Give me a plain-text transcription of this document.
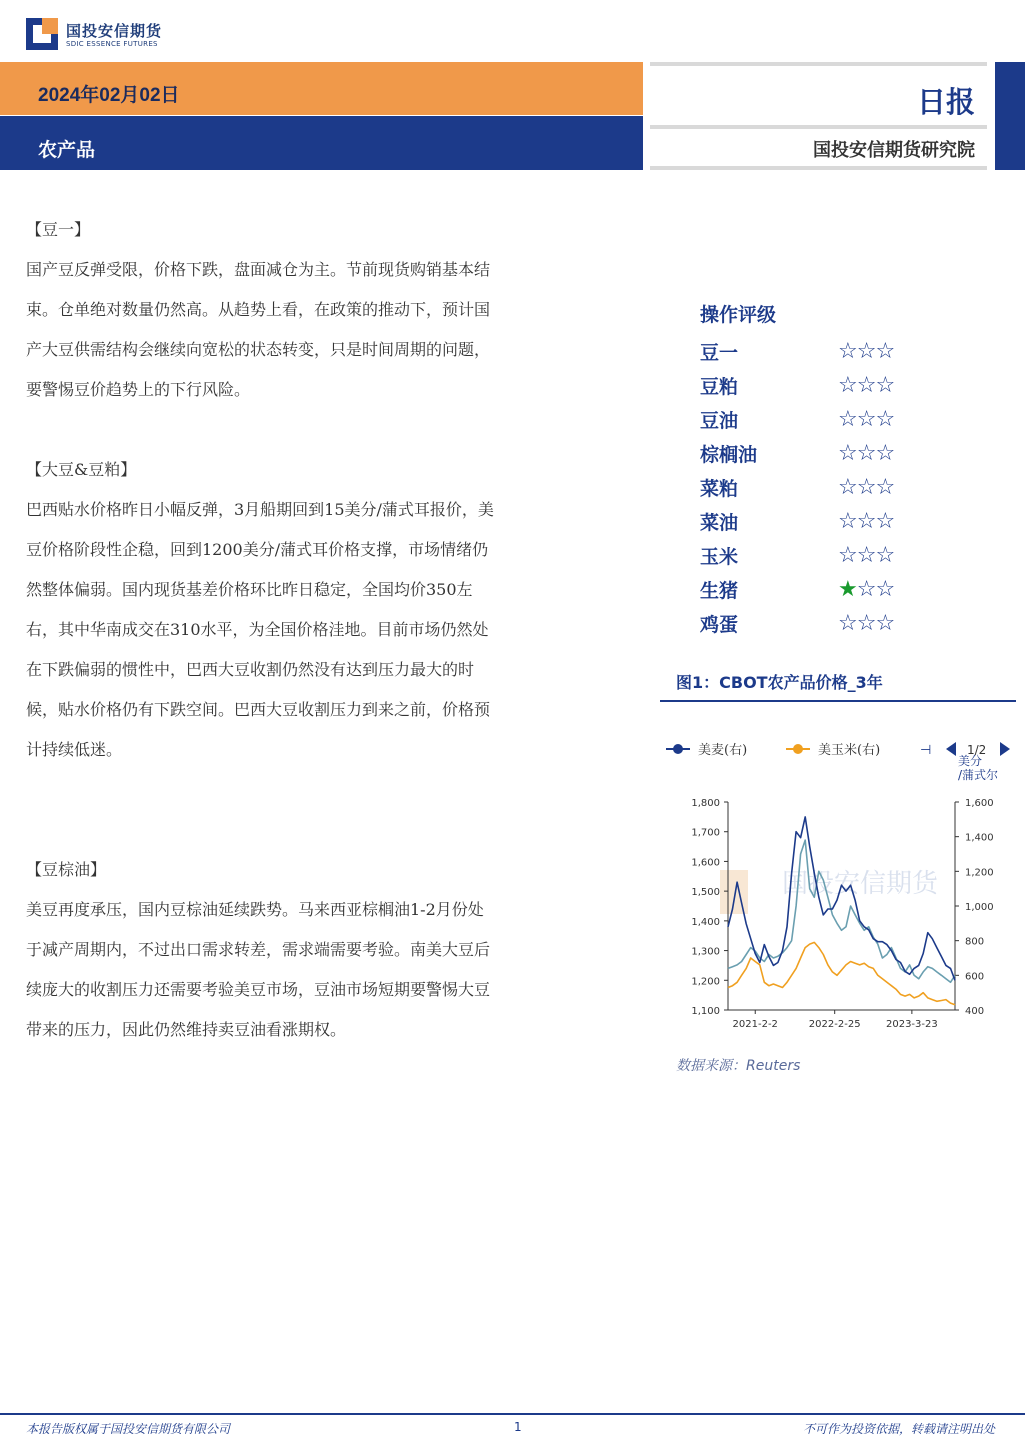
国投安信期货
SDIC ESSENCE FUTURES
2024年02月02日
农产品
日报
国投安信期货研究院
【豆一】
国产豆反弹受限，价格下跌，盘面减仓为主。节前现货购销基本结
束。仓单绝对数量仍然高。从趋势上看，在政策的推动下，预计国
产大豆供需结构会继续向宽松的状态转变，只是时间周期的问题，
要警惕豆价趋势上的下行风险。
【大豆&豆粕】
巴西贴水价格昨日小幅反弹，3月船期回到15美分/蒲式耳报价，美
豆价格阶段性企稳，回到1200美分/蒲式耳价格支撑，市场情绪仍
然整体偏弱。国内现货基差价格环比昨日稳定，全国均价350左
右，其中华南成交在310水平，为全国价格洼地。目前市场仍然处
在下跌偏弱的惯性中，巴西大豆收割仍然没有达到压力最大的时
候，贴水价格仍有下跌空间。巴西大豆收割压力到来之前，价格预
计持续低迷。
【豆棕油】
美豆再度承压，国内豆棕油延续跌势。马来西亚棕榈油1-2月份处
于减产周期内，不过出口需求转差，需求端需要考验。南美大豆后
续庞大的收割压力还需要考验美豆市场，豆油市场短期要警惕大豆
带来的压力，因此仍然维持卖豆油看涨期权。
操作评级
豆一	☆☆☆
豆粕	☆☆☆
豆油	☆☆☆
棕榈油	☆☆☆
菜粕	☆☆☆
菜油	☆☆☆
玉米	☆☆☆
生猪	★☆☆
鸡蛋	☆☆☆
图1：CBOT农产品价格_3年
美麦(右)	美玉米(右)	⊣	1/2
美分
/蒲式尔
国投安信期货
1,100
1,200
1,300
1,400
1,500
1,600
1,700
1,800
400
600
800
1,000
1,200
1,400
1,600
2021-2-2	2022-2-25	2023-3-23
数据来源：Reuters
本报告版权属于国投安信期货有限公司	1	不可作为投资依据，转载请注明出处
